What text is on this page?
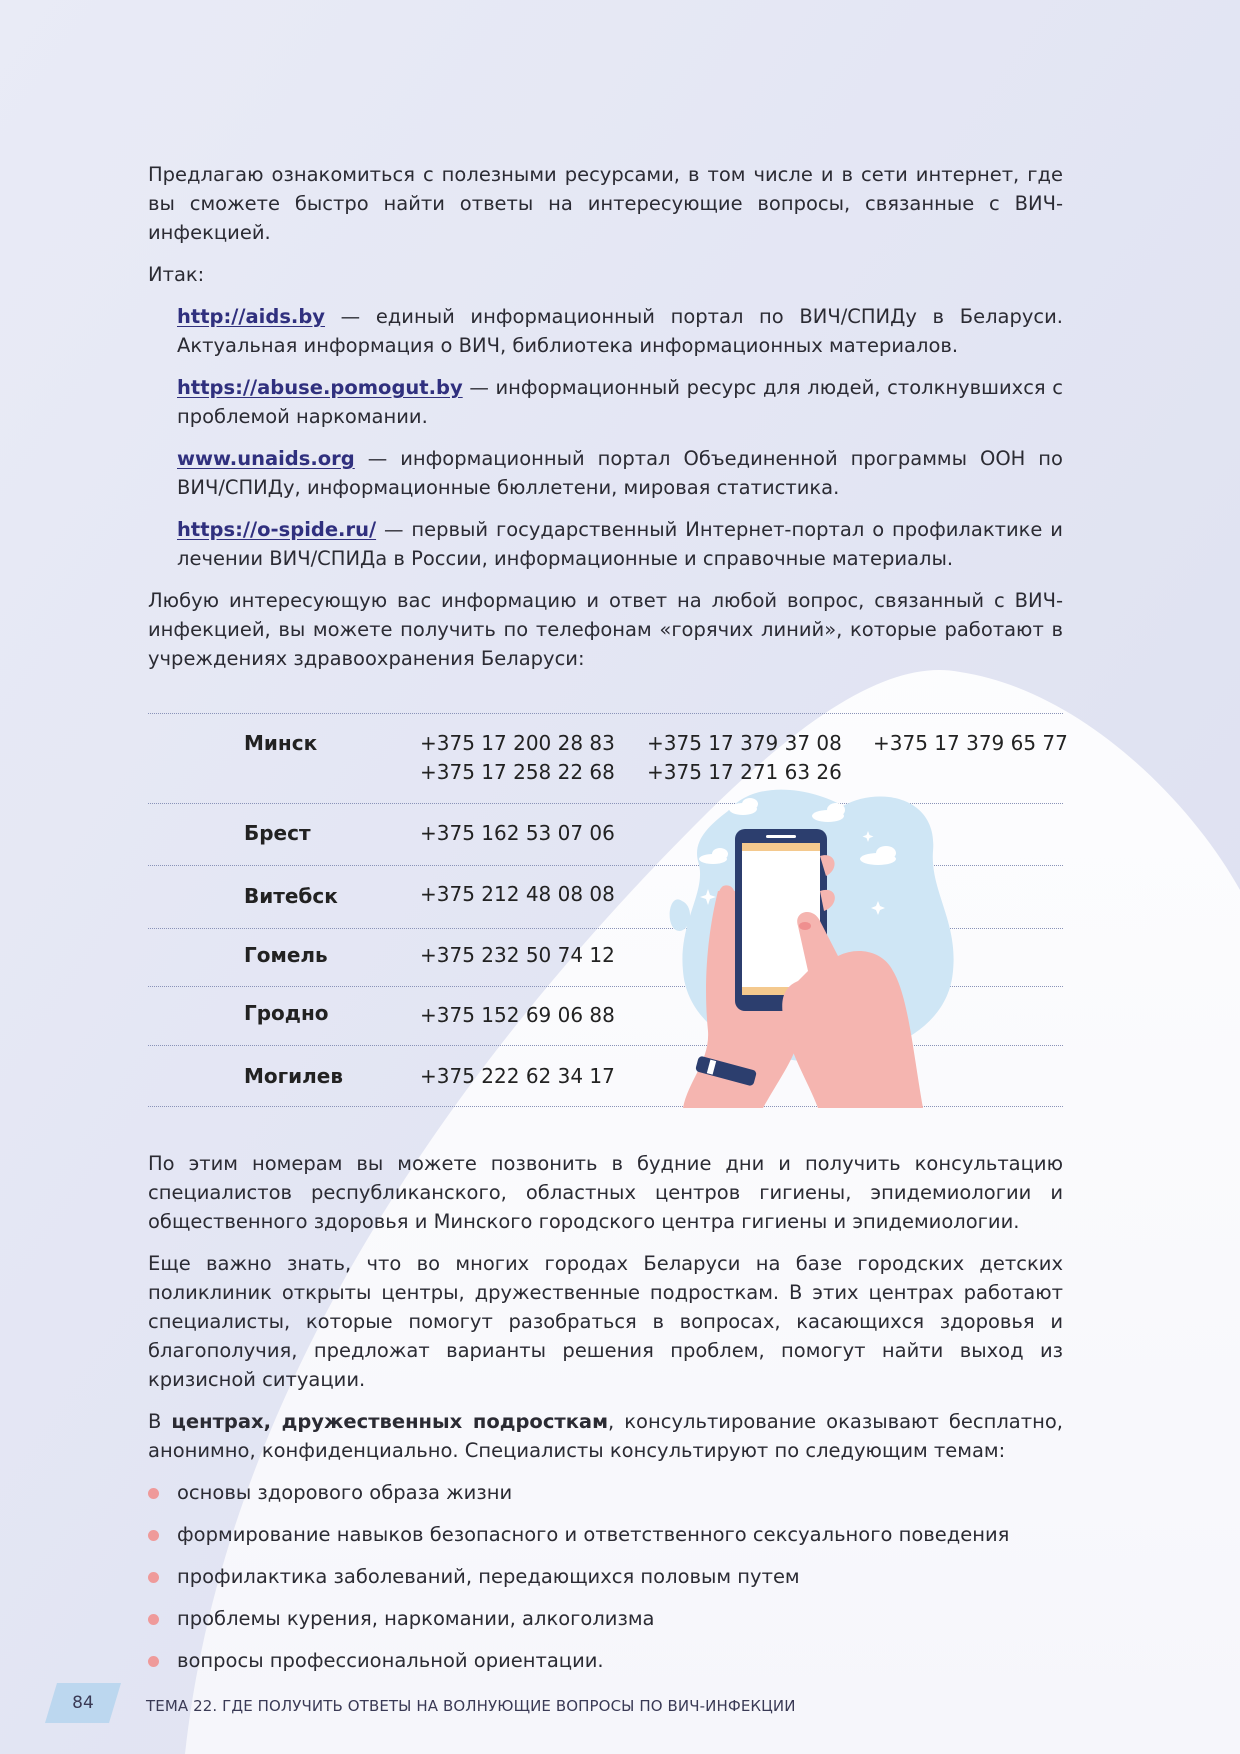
Предлагаю ознакомиться с полезными ресурсами, в том числе и в сети интернет, где вы сможете быстро найти ответы на интересующие вопросы, связанные с ВИЧ-инфекцией.

Итак:

http://aids.by — единый информационный портал по ВИЧ/СПИДу в Беларуси. Актуальная информация о ВИЧ, библиотека информационных материалов.

https://abuse.pomogut.by — информационный ресурс для людей, столкнувшихся с проблемой наркомании.

www.unaids.org — информационный портал Объединенной программы ООН по ВИЧ/СПИДу, информационные бюллетени, мировая статистика.

https://o-spide.ru/ — первый государственный Интернет-портал о профилактике и лечении ВИЧ/СПИДа в России, информационные и справочные материалы.

Любую интересующую вас информацию и ответ на любой вопрос, связанный с ВИЧ-инфекцией, вы можете получить по телефонам «горячих линий», которые работают в учреждениях здравоохранения Беларуси:

Минск	+375 17 200 28 83 +375 17 379 37 08 +375 17 379 65 77
+375 17 258 22 68 +375 17 271 63 26
Брест	+375 162 53 07 06
Витебск	+375 212 48 08 08
Гомель	+375 232 50 74 12
Гродно	+375 152 69 06 88
Могилев	+375 222 62 34 17

По этим номерам вы можете позвонить в будние дни и получить консультацию специалистов республиканского, областных центров гигиены, эпидемиологии и общественного здоровья и Минского городского центра гигиены и эпидемиологии.

Еще важно знать, что во многих городах Беларуси на базе городских детских поликлиник открыты центры, дружественные подросткам. В этих центрах работают специалисты, которые помогут разобраться в вопросах, касающихся здоровья и благополучия, предложат варианты решения проблем, помогут найти выход из кризисной ситуации.

В центрах, дружественных подросткам, консультирование оказывают бесплатно, анонимно, конфиденциально. Специалисты консультируют по следующим темам:

основы здорового образа жизни
формирование навыков безопасного и ответственного сексуального поведения
профилактика заболеваний, передающихся половым путем
проблемы курения, наркомании, алкоголизма
вопросы профессиональной ориентации.
84	ТЕМА 22. ГДЕ ПОЛУЧИТЬ ОТВЕТЫ НА ВОЛНУЮЩИЕ ВОПРОСЫ ПО ВИЧ-ИНФЕКЦИИ
